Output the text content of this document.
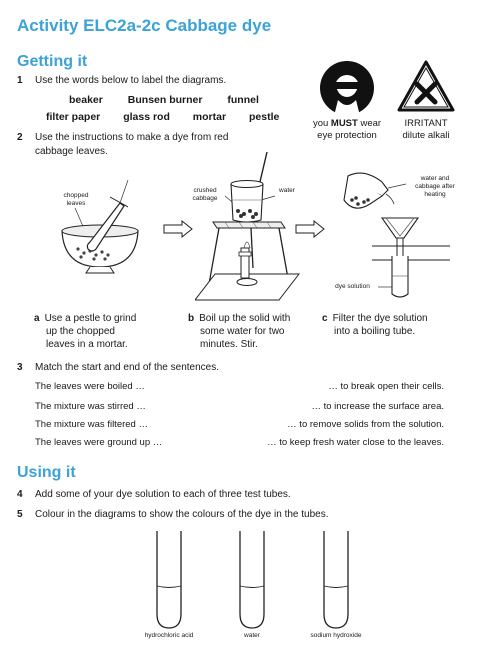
Activity ELC2a-2c Cabbage dye
Getting it
1 Use the words below to label the diagrams.
beaker Bunsen burner funnel
filter paper glass rod mortar pestle
2 Use the instructions to make a dye from red
cabbage leaves.
you MUST wear
eye protection
IRRITANT
dilute alkali
chopped
leaves
crushed
cabbage
water
water and
cabbage after
heating
dye solution
a Use a pestle to grind
up the chopped
leaves in a mortar.
b Boil up the solid with
some water for two
minutes. Stir.
c Filter the dye solution
into a boiling tube.
3 Match the start and end of the sentences.
The leaves were boiled …
The mixture was stirred …
The mixture was filtered …
The leaves were ground up …
… to break open their cells.
… to increase the surface area.
… to remove solids from the solution.
… to keep fresh water close to the leaves.
Using it
4 Add some of your dye solution to each of three test tubes.
5 Colour in the diagrams to show the colours of the dye in the tubes.
hydrochloric acid	water	sodium hydroxide
